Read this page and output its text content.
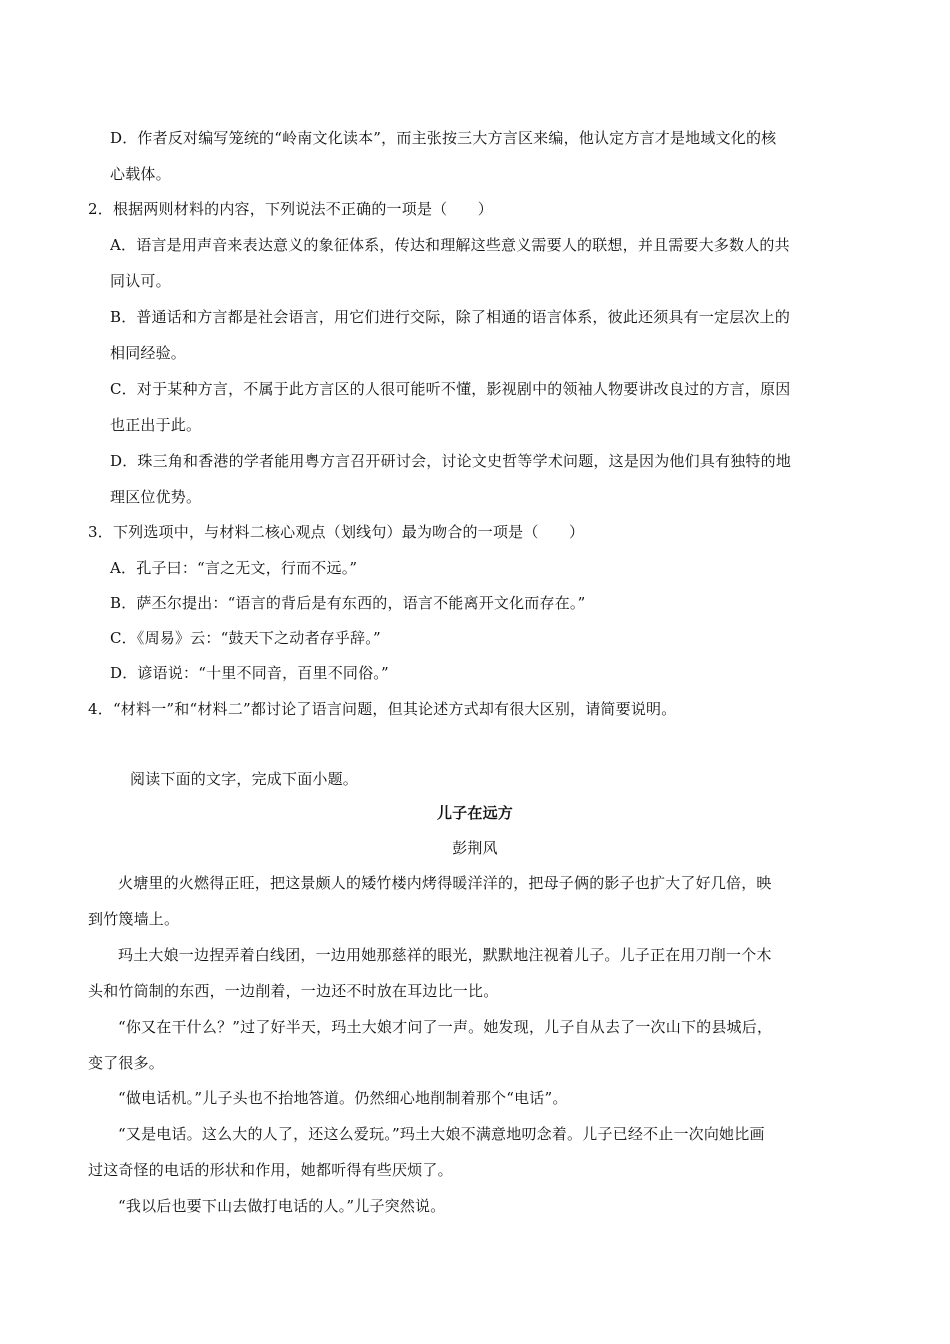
D．作者反对编写笼统的“岭南文化读本”，而主张按三大方言区来编，他认定方言才是地域文化的核
心载体。
2．根据两则材料的内容，下列说法不正确的一项是（　　）
A．语言是用声音来表达意义的象征体系，传达和理解这些意义需要人的联想，并且需要大多数人的共
同认可。
B．普通话和方言都是社会语言，用它们进行交际，除了相通的语言体系，彼此还须具有一定层次上的
相同经验。
C．对于某种方言，不属于此方言区的人很可能听不懂，影视剧中的领袖人物要讲改良过的方言，原因
也正出于此。
D．珠三角和香港的学者能用粤方言召开研讨会，讨论文史哲等学术问题，这是因为他们具有独特的地
理区位优势。
3．下列选项中，与材料二核心观点（划线句）最为吻合的一项是（　　）
A．孔子曰：“言之无文，行而不远。”
B．萨丕尔提出：“语言的背后是有东西的，语言不能离开文化而存在。”
C．《周易》云：“鼓天下之动者存乎辞。”
D．谚语说：“十里不同音，百里不同俗。”
4．“材料一”和“材料二”都讨论了语言问题，但其论述方式却有很大区别，请简要说明。
阅读下面的文字，完成下面小题。
儿子在远方
彭荆风
火塘里的火燃得正旺，把这景颇人的矮竹楼内烤得暖洋洋的，把母子俩的影子也扩大了好几倍，映
到竹篾墙上。
玛土大娘一边捏弄着白线团，一边用她那慈祥的眼光，默默地注视着儿子。儿子正在用刀削一个木
头和竹筒制的东西，一边削着，一边还不时放在耳边比一比。
“你又在干什么？”过了好半天，玛土大娘才问了一声。她发现，儿子自从去了一次山下的县城后，
变了很多。
“做电话机。”儿子头也不抬地答道。仍然细心地削制着那个“电话”。
“又是电话。这么大的人了，还这么爱玩。”玛土大娘不满意地叨念着。儿子已经不止一次向她比画
过这奇怪的电话的形状和作用，她都听得有些厌烦了。
“我以后也要下山去做打电话的人。”儿子突然说。
